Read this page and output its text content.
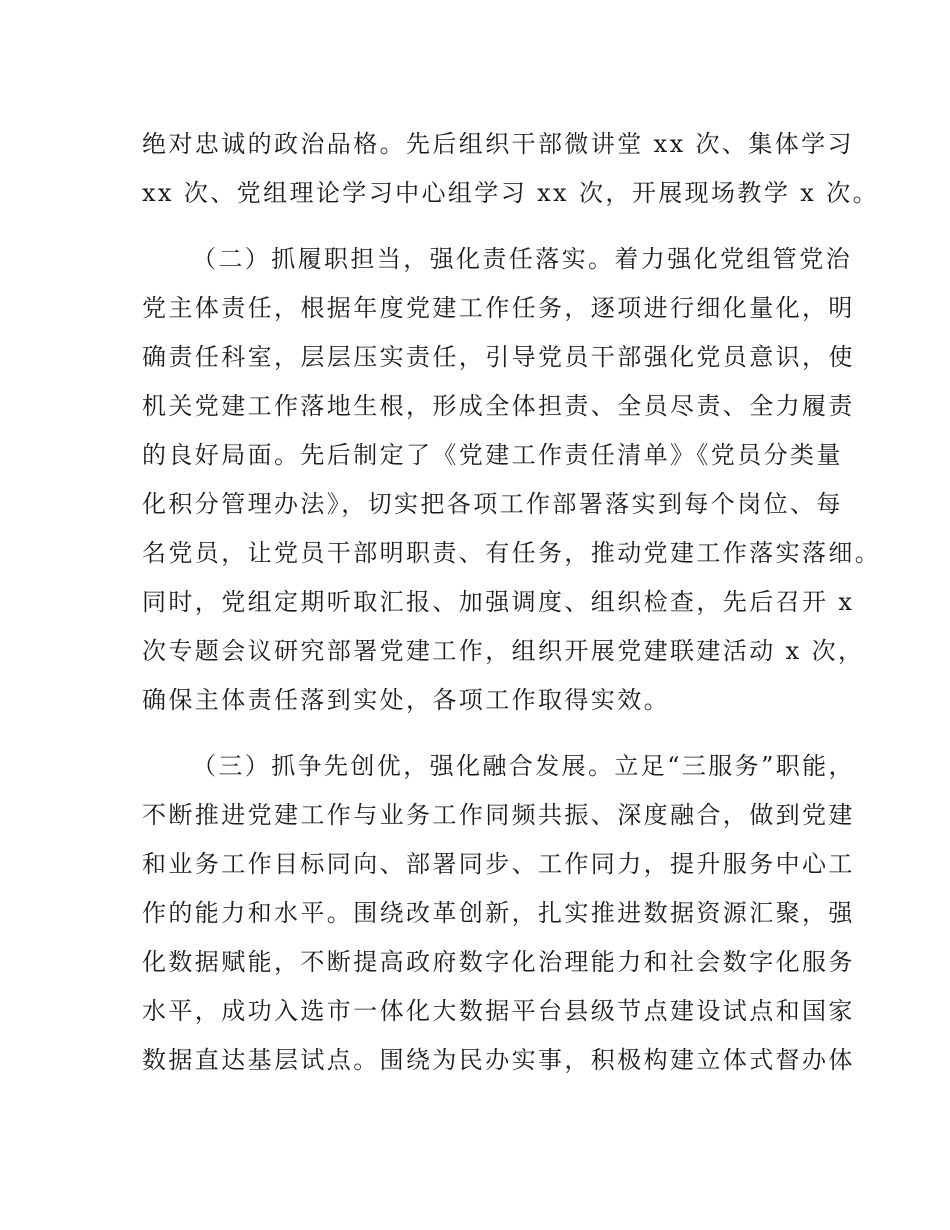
绝对忠诚的政治品格。先后组织干部微讲堂 xx 次、集体学习
xx 次、党组理论学习中心组学习 xx 次，开展现场教学 x 次。
（二）抓履职担当，强化责任落实。着力强化党组管党治
党主体责任，根据年度党建工作任务，逐项进行细化量化，明
确责任科室，层层压实责任，引导党员干部强化党员意识，使
机关党建工作落地生根，形成全体担责、全员尽责、全力履责
的良好局面。先后制定了《党建工作责任清单》《党员分类量
化积分管理办法》，切实把各项工作部署落实到每个岗位、每
名党员，让党员干部明职责、有任务，推动党建工作落实落细。
同时，党组定期听取汇报、加强调度、组织检查，先后召开 x
次专题会议研究部署党建工作，组织开展党建联建活动 x 次，
确保主体责任落到实处，各项工作取得实效。
（三）抓争先创优，强化融合发展。立足“三服务”职能，
不断推进党建工作与业务工作同频共振、深度融合，做到党建
和业务工作目标同向、部署同步、工作同力，提升服务中心工
作的能力和水平。围绕改革创新，扎实推进数据资源汇聚，强
化数据赋能，不断提高政府数字化治理能力和社会数字化服务
水平，成功入选市一体化大数据平台县级节点建设试点和国家
数据直达基层试点。围绕为民办实事，积极构建立体式督办体
